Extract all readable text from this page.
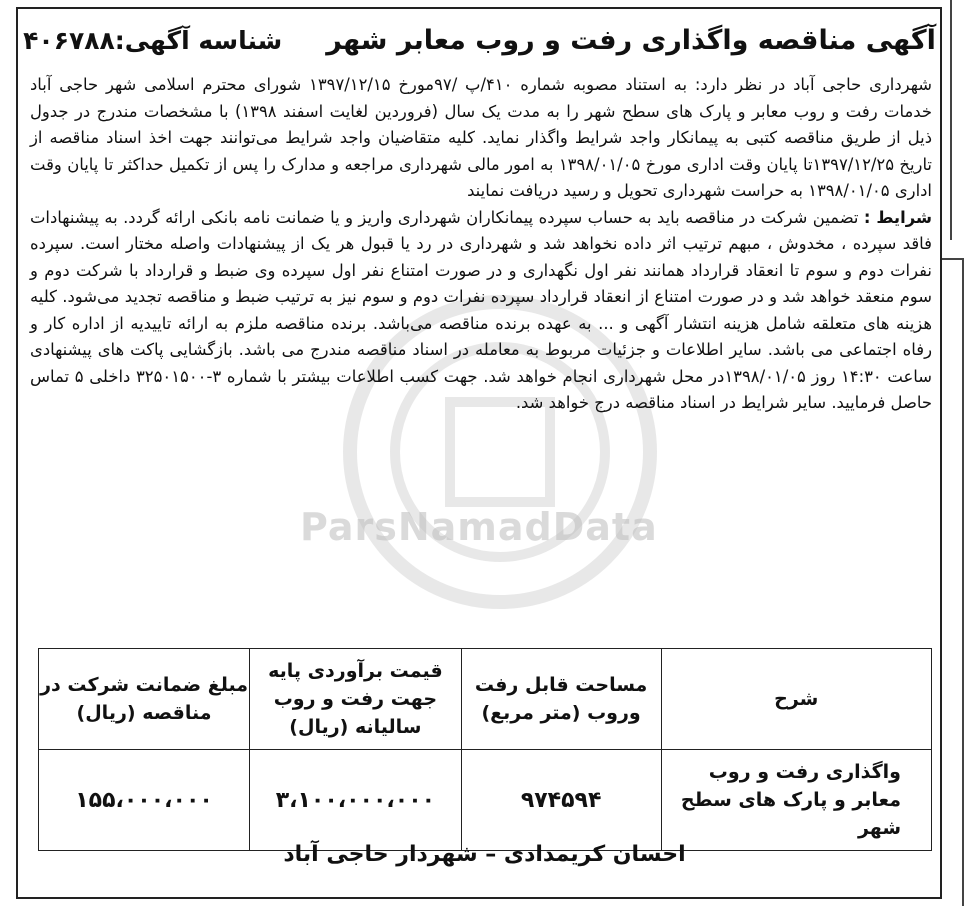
آگهی مناقصه واگذاری رفت و روب معابر شهر
شناسه آگهی:۴۰۶۷۸۸
ParsNamadData

شهرداری حاجی آباد در نظر دارد: به استناد مصوبه شماره ۴۱۰/پ /۹۷مورخ ۱۳۹۷/۱۲/۱۵ شورای محترم اسلامی شهر حاجی آباد خدمات رفت و روب معابر و پارک های سطح شهر را به مدت یک سال (فروردین لغایت اسفند ۱۳۹۸) با مشخصات مندرج در جدول ذیل از طریق مناقصه کتبی به پیمانکار واجد شرایط واگذار نماید. کلیه متقاضیان واجد شرایط می‌توانند جهت اخذ اسناد مناقصه از تاریخ ۱۳۹۷/۱۲/۲۵تا پایان وقت اداری مورخ ۱۳۹۸/۰۱/۰۵ به امور مالی شهرداری مراجعه و مدارک را پس از تکمیل حداکثر تا پایان وقت اداری ۱۳۹۸/۰۱/۰۵ به حراست شهرداری تحویل و رسید دریافت نمایند

شرایط : تضمین شرکت در مناقصه باید به حساب سپرده پیمانکاران شهرداری واریز و یا ضمانت نامه بانکی ارائه گردد. به پیشنهادات فاقد سپرده ، مخدوش ، مبهم ترتیب اثر داده نخواهد شد و شهرداری در رد یا قبول هر یک از پیشنهادات واصله مختار است. سپرده نفرات دوم و سوم تا انعقاد قرارداد همانند نفر اول نگهداری و در صورت امتناع نفر اول سپرده وی ضبط و قرارداد با شرکت دوم و سوم منعقد خواهد شد و در صورت امتناع از انعقاد قرارداد سپرده نفرات دوم و سوم نیز به ترتیب ضبط و مناقصه تجدید می‌شود. کلیه هزینه های متعلقه شامل هزینه انتشار آگهی و ... به عهده برنده مناقصه می‌باشد. برنده مناقصه ملزم به ارائه تاییدیه از اداره کار و رفاه اجتماعی می باشد. سایر اطلاعات و جزئیات مربوط به معامله در اسناد مناقصه مندرج می باشد. بازگشایی پاکت های پیشنهادی ساعت ۱۴:۳۰ روز ۱۳۹۸/۰۱/۰۵در محل شهرداری انجام خواهد شد. جهت کسب اطلاعات بیشتر با شماره ۳-۳۲۵۰۱۵۰۰ داخلی ۵ تماس حاصل فرمایید. سایر شرایط در اسناد مناقصه درج خواهد شد.

شرح	مساحت قابل رفت وروب (متر مربع)	قیمت برآوردی پایه جهت رفت و روب سالیانه (ریال)	مبلغ ضمانت شرکت در مناقصه (ریال)
واگذاری رفت و روب معابر و پارک های سطح شهر	۹۷۴۵۹۴	۳،۱۰۰،۰۰۰،۰۰۰	۱۵۵،۰۰۰،۰۰۰
احسان کریمدادی – شهردار حاجی آباد
